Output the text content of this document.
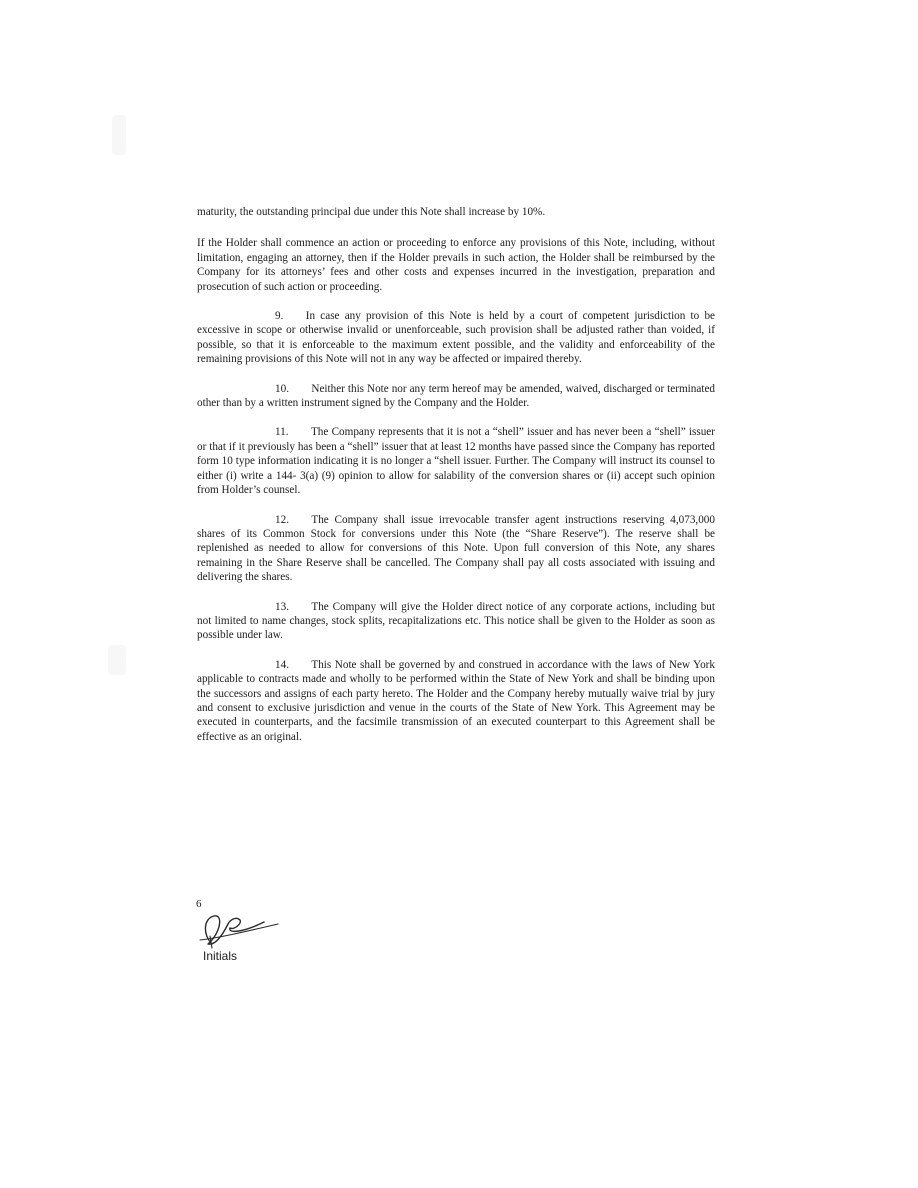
maturity, the outstanding principal due under this Note shall increase by 10%.

If the Holder shall commence an action or proceeding to enforce any provisions of this Note, including, without limitation, engaging an attorney, then if the Holder prevails in such action, the Holder shall be reimbursed by the Company for its attorneys’ fees and other costs and expenses incurred in the investigation, preparation and prosecution of such action or proceeding.

9.  In case any provision of this Note is held by a court of competent jurisdiction to be excessive in scope or otherwise invalid or unenforceable, such provision shall be adjusted rather than voided, if possible, so that it is enforceable to the maximum extent possible, and the validity and enforceability of the remaining provisions of this Note will not in any way be affected or impaired thereby.

10.  Neither this Note nor any term hereof may be amended, waived, discharged or terminated other than by a written instrument signed by the Company and the Holder.

11.  The Company represents that it is not a “shell” issuer and has never been a “shell” issuer or that if it previously has been a “shell” issuer that at least 12 months have passed since the Company has reported form 10 type information indicating it is no longer a “shell issuer. Further. The Company will instruct its counsel to either (i) write a 144- 3(a) (9) opinion to allow for salability of the conversion shares or (ii) accept such opinion from Holder’s counsel.

12.  The Company shall issue irrevocable transfer agent instructions reserving 4,073,000 shares of its Common Stock for conversions under this Note (the “Share Reserve”). The reserve shall be replenished as needed to allow for conversions of this Note. Upon full conversion of this Note, any shares remaining in the Share Reserve shall be cancelled. The Company shall pay all costs associated with issuing and delivering the shares.

13.  The Company will give the Holder direct notice of any corporate actions, including but not limited to name changes, stock splits, recapitalizations etc. This notice shall be given to the Holder as soon as possible under law.

14.  This Note shall be governed by and construed in accordance with the laws of New York applicable to contracts made and wholly to be performed within the State of New York and shall be binding upon the successors and assigns of each party hereto. The Holder and the Company hereby mutually waive trial by jury and consent to exclusive jurisdiction and venue in the courts of the State of New York. This Agreement may be executed in counterparts, and the facsimile transmission of an executed counterpart to this Agreement shall be effective as an original.

6
Initials
